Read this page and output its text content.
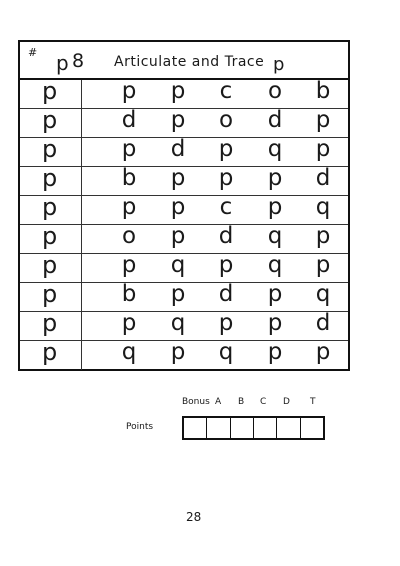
# p 8 Articulate and Trace p
p	p	p	c	o	b
p	d	p	o	d	p
p	p	d	p	q	p
p	b	p	p	p	d
p	p	p	c	p	q
p	o	p	d	q	p
p	p	q	p	q	p
p	b	p	d	p	q
p	p	q	p	p	d
p	q	p	q	p	p
Bonus A B C D T
Points
28
